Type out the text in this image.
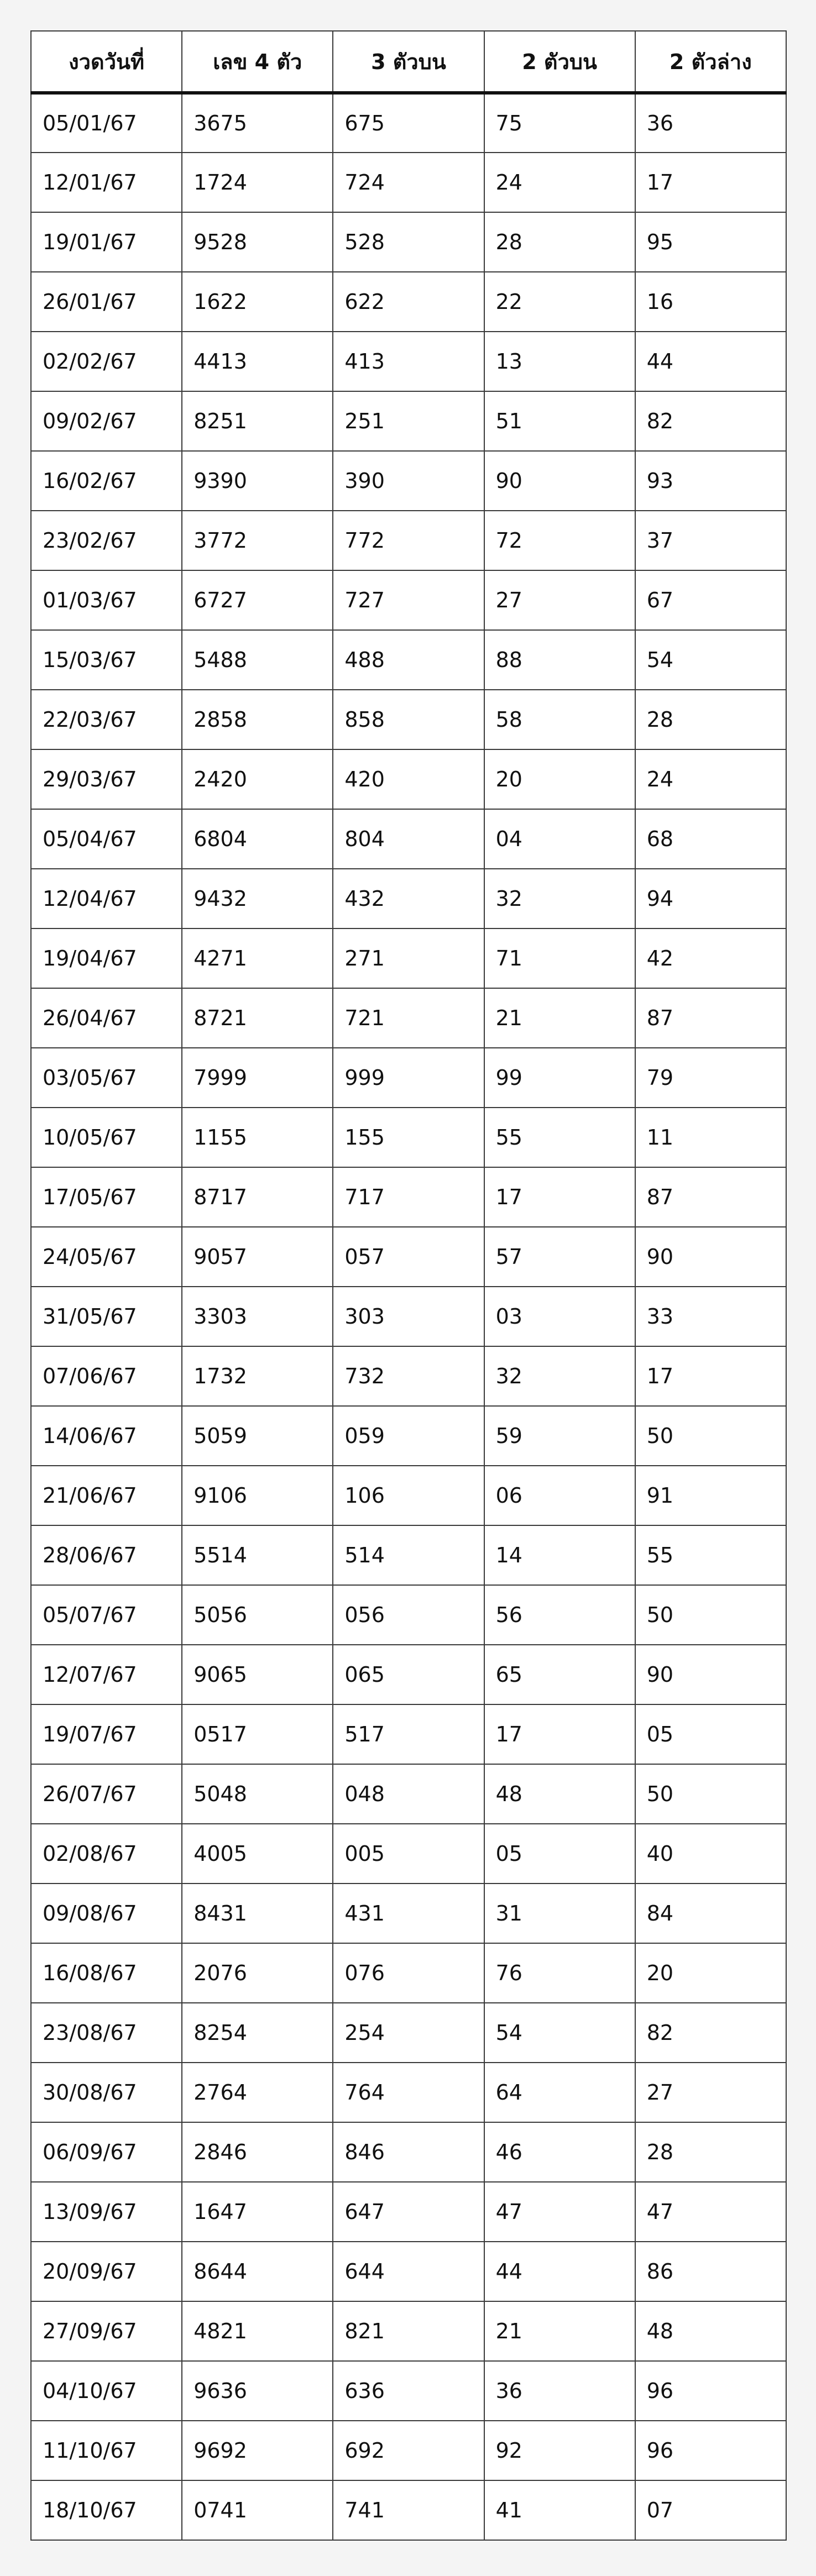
งวดวันที่	เลข 4 ตัว	3 ตัวบน	2 ตัวบน	2 ตัวล่าง
05/01/67	3675	675	75	36
12/01/67	1724	724	24	17
19/01/67	9528	528	28	95
26/01/67	1622	622	22	16
02/02/67	4413	413	13	44
09/02/67	8251	251	51	82
16/02/67	9390	390	90	93
23/02/67	3772	772	72	37
01/03/67	6727	727	27	67
15/03/67	5488	488	88	54
22/03/67	2858	858	58	28
29/03/67	2420	420	20	24
05/04/67	6804	804	04	68
12/04/67	9432	432	32	94
19/04/67	4271	271	71	42
26/04/67	8721	721	21	87
03/05/67	7999	999	99	79
10/05/67	1155	155	55	11
17/05/67	8717	717	17	87
24/05/67	9057	057	57	90
31/05/67	3303	303	03	33
07/06/67	1732	732	32	17
14/06/67	5059	059	59	50
21/06/67	9106	106	06	91
28/06/67	5514	514	14	55
05/07/67	5056	056	56	50
12/07/67	9065	065	65	90
19/07/67	0517	517	17	05
26/07/67	5048	048	48	50
02/08/67	4005	005	05	40
09/08/67	8431	431	31	84
16/08/67	2076	076	76	20
23/08/67	8254	254	54	82
30/08/67	2764	764	64	27
06/09/67	2846	846	46	28
13/09/67	1647	647	47	47
20/09/67	8644	644	44	86
27/09/67	4821	821	21	48
04/10/67	9636	636	36	96
11/10/67	9692	692	92	96
18/10/67	0741	741	41	07
